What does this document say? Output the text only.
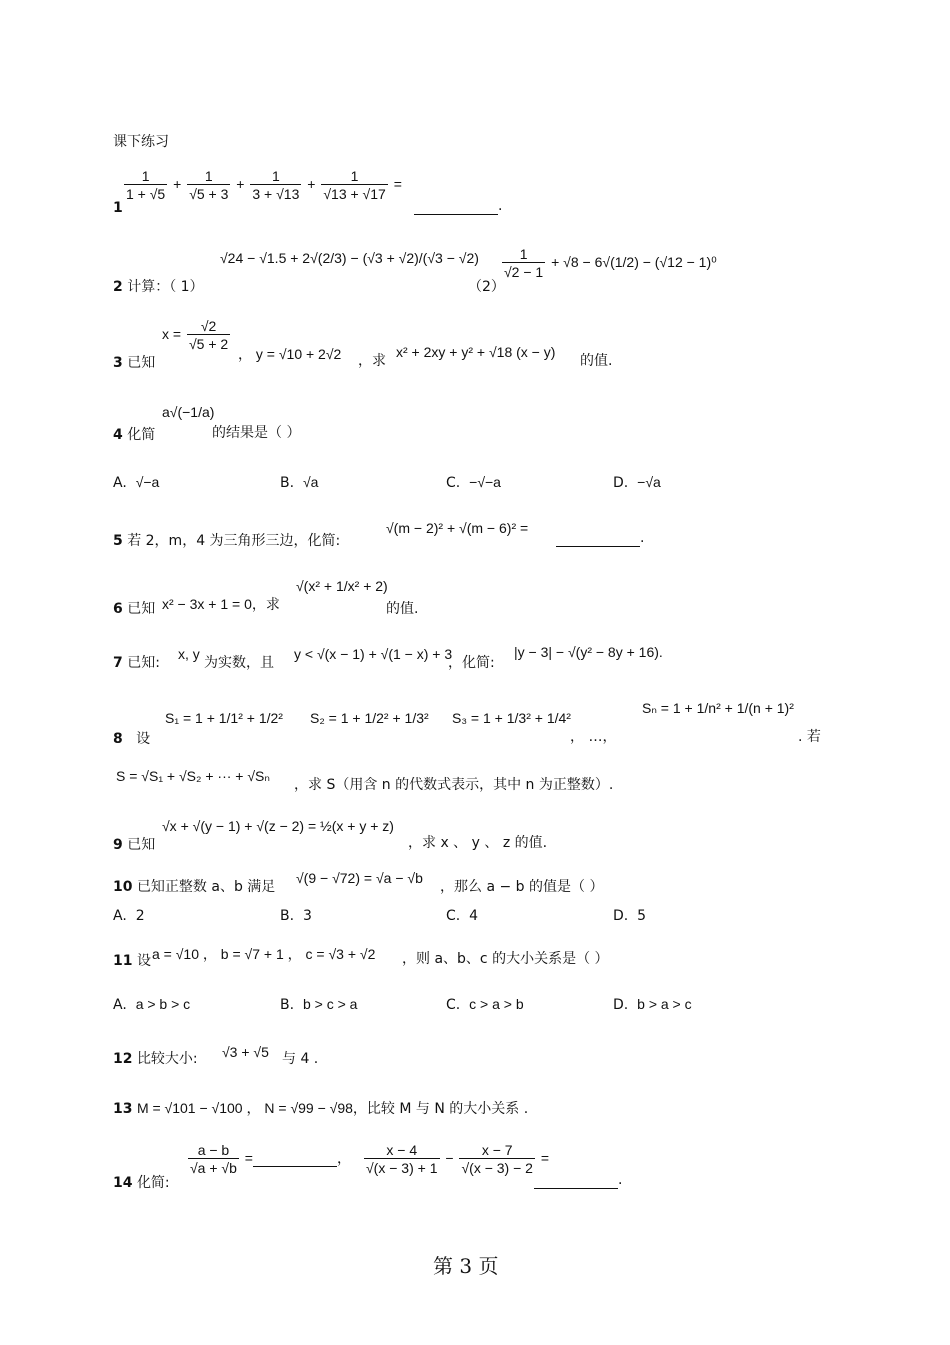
课下练习
1
$\frac{1}{1 + √5} + \frac{1}{√5 + 3} + \frac{1}{3 + √13} + \frac{1}{√13 + √17}$ =
.
2 计算：（ 1）
√24 − √1.5 + 2√(2/3) − (√3 + √2)/(√3 − √2)
（2）
$\frac{1}{√2 - 1} + √8 - 6√(1/2) - (√12 - 1)^0$
3 已知
$x = \frac{√2}{√5 + 2}$
， y = √10 + 2√2 ，求
x² + 2xy + y² + √18 (x − y)
的值.
4 化简
a√(−1/a)
的结果是（ ）
A. √−a	B. √a	C. −√−a	D. −√a
5 若 2，m，4 为三角形三边，化简:
√(m − 2)² + √(m − 6)² =
.
6 已知 x² − 3x + 1 = 0，求
√(x² + 1/x² + 2)
的值.
7 已知:
x, y
为实数，且
y < √(x − 1) + √(1 − x) + 3
，化简:
|y − 3| − √(y² − 8y + 16).
8 设
S₁ = 1 + 1/1² + 1/2² S₂ = 1 + 1/2² + 1/3² S₃ = 1 + 1/3² + 1/4²
， …，
Sₙ = 1 + 1/n² + 1/(n + 1)²
. 若
S = √S₁ + √S₂ + ··· + √Sₙ
，求 S（用含 n 的代数式表示，其中 n 为正整数）.
9 已知
√x + √(y − 1) + √(z − 2) = ½(x + y + z)
，求 x 、 y 、 z 的值.
10 已知正整数 a、b 满足
√(9 − √72) = √a − √b
，那么 a − b 的值是（ ）
A. 2	B. 3	C. 4	D. 5
11 设 a = √10 ， b = √7 + 1 ， c = √3 + √2 ，则 a、b、c 的大小关系是（ ）
A. a > b > c	B. b > c > a	C. c > a > b	D. b > a > c
12 比较大小: √3 + √5 与 4 .
13 M = √101 − √100 ， N = √99 − √98，比较 M 与 N 的大小关系 .
14 化简:
$\frac{a - b}{√a + √b}$ =	， $\frac{x - 4}{√(x - 3) + 1} - \frac{x - 7}{√(x - 3) - 2}$ =
.
第 3 页
